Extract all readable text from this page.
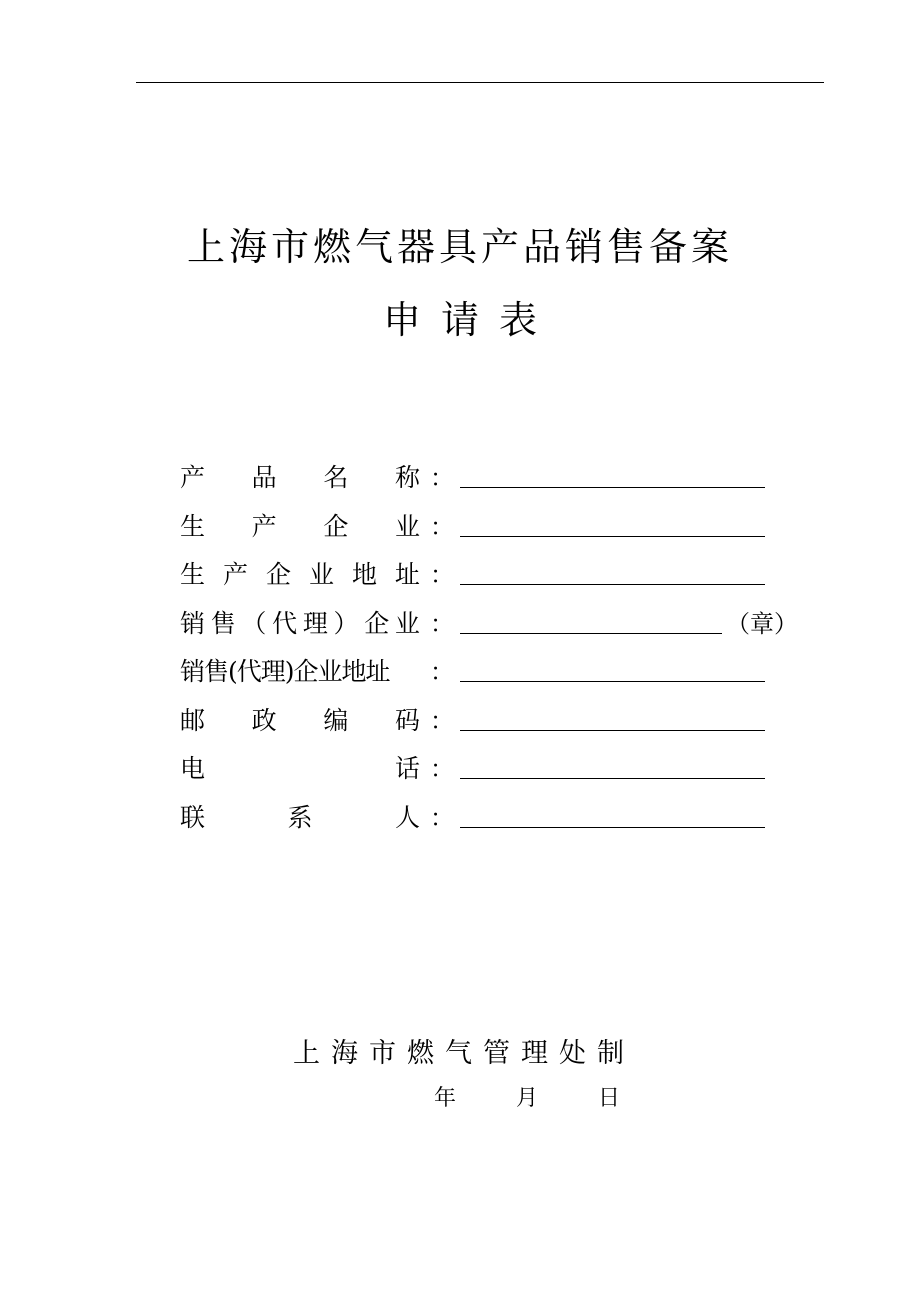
上海市燃气器具产品销售备案
申请表
产 品 名 称 ：
生 产 企 业 ：
生 产 企 业 地 址 ：
销 售 （ 代 理 ） 企 业 ：	（章）
销售(代理)企业地址	：
邮 政 编 码 ：
电	话 ：
联	系	人 ：
上海市燃气管理处制
年	月	日
